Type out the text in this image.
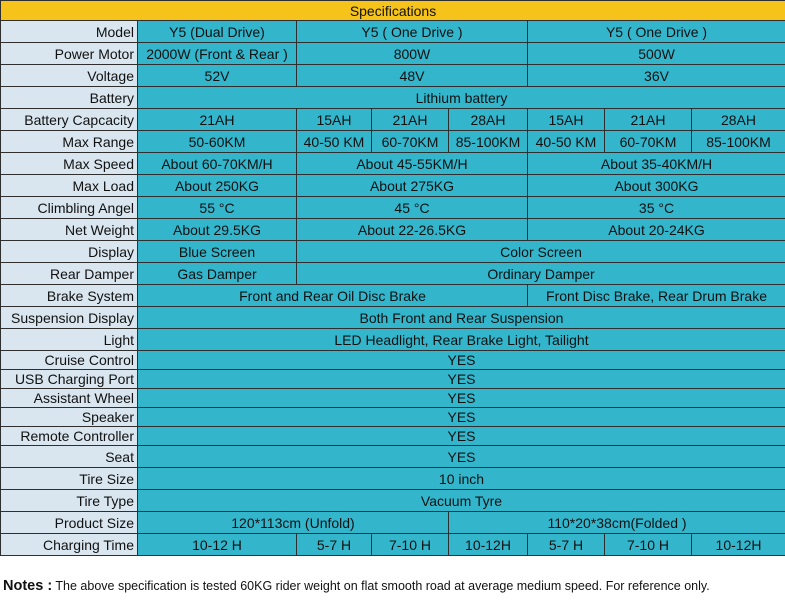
Specifications							
Model	Y5 (Dual Drive)	Y5 ( One Drive )			Y5 ( One Drive )		
Power Motor	2000W (Front & Rear )	800W			500W		
Voltage	52V	48V			36V		
Battery	Lithium battery						
Battery Capcacity	21AH	15AH	21AH	28AH	15AH	21AH	28AH
Max Range	50-60KM	40-50 KM	60-70KM	85-100KM	40-50 KM	60-70KM	85-100KM
Max Speed	About 60-70KM/H	About 45-55KM/H			About 35-40KM/H		
Max Load	About 250KG	About 275KG			About 300KG		
Climbling Angel	55 °C	45 °C			35 °C		
Net Weight	About 29.5KG	About 22-26.5KG			About 20-24KG		
Display	Blue Screen	Color Screen					
Rear Damper	Gas Damper	Ordinary Damper					
Brake System	Front and Rear Oil Disc Brake				Front Disc Brake, Rear Drum Brake		
Suspension Display	Both Front and Rear Suspension						
Light	LED Headlight, Rear Brake Light, Tailight						
Cruise Control	YES						
USB Charging Port	YES						
Assistant Wheel	YES						
Speaker	YES						
Remote Controller	YES						
Seat	YES						
Tire Size	10 inch						
Tire Type	Vacuum Tyre						
Product Size	120*113cm (Unfold)			110*20*38cm(Folded )			
Charging Time	10-12 H	5-7 H	7-10 H	10-12H	5-7 H	7-10 H	10-12H
Notes : The above specification is tested 60KG rider weight on flat smooth road at average medium speed. For reference only.
